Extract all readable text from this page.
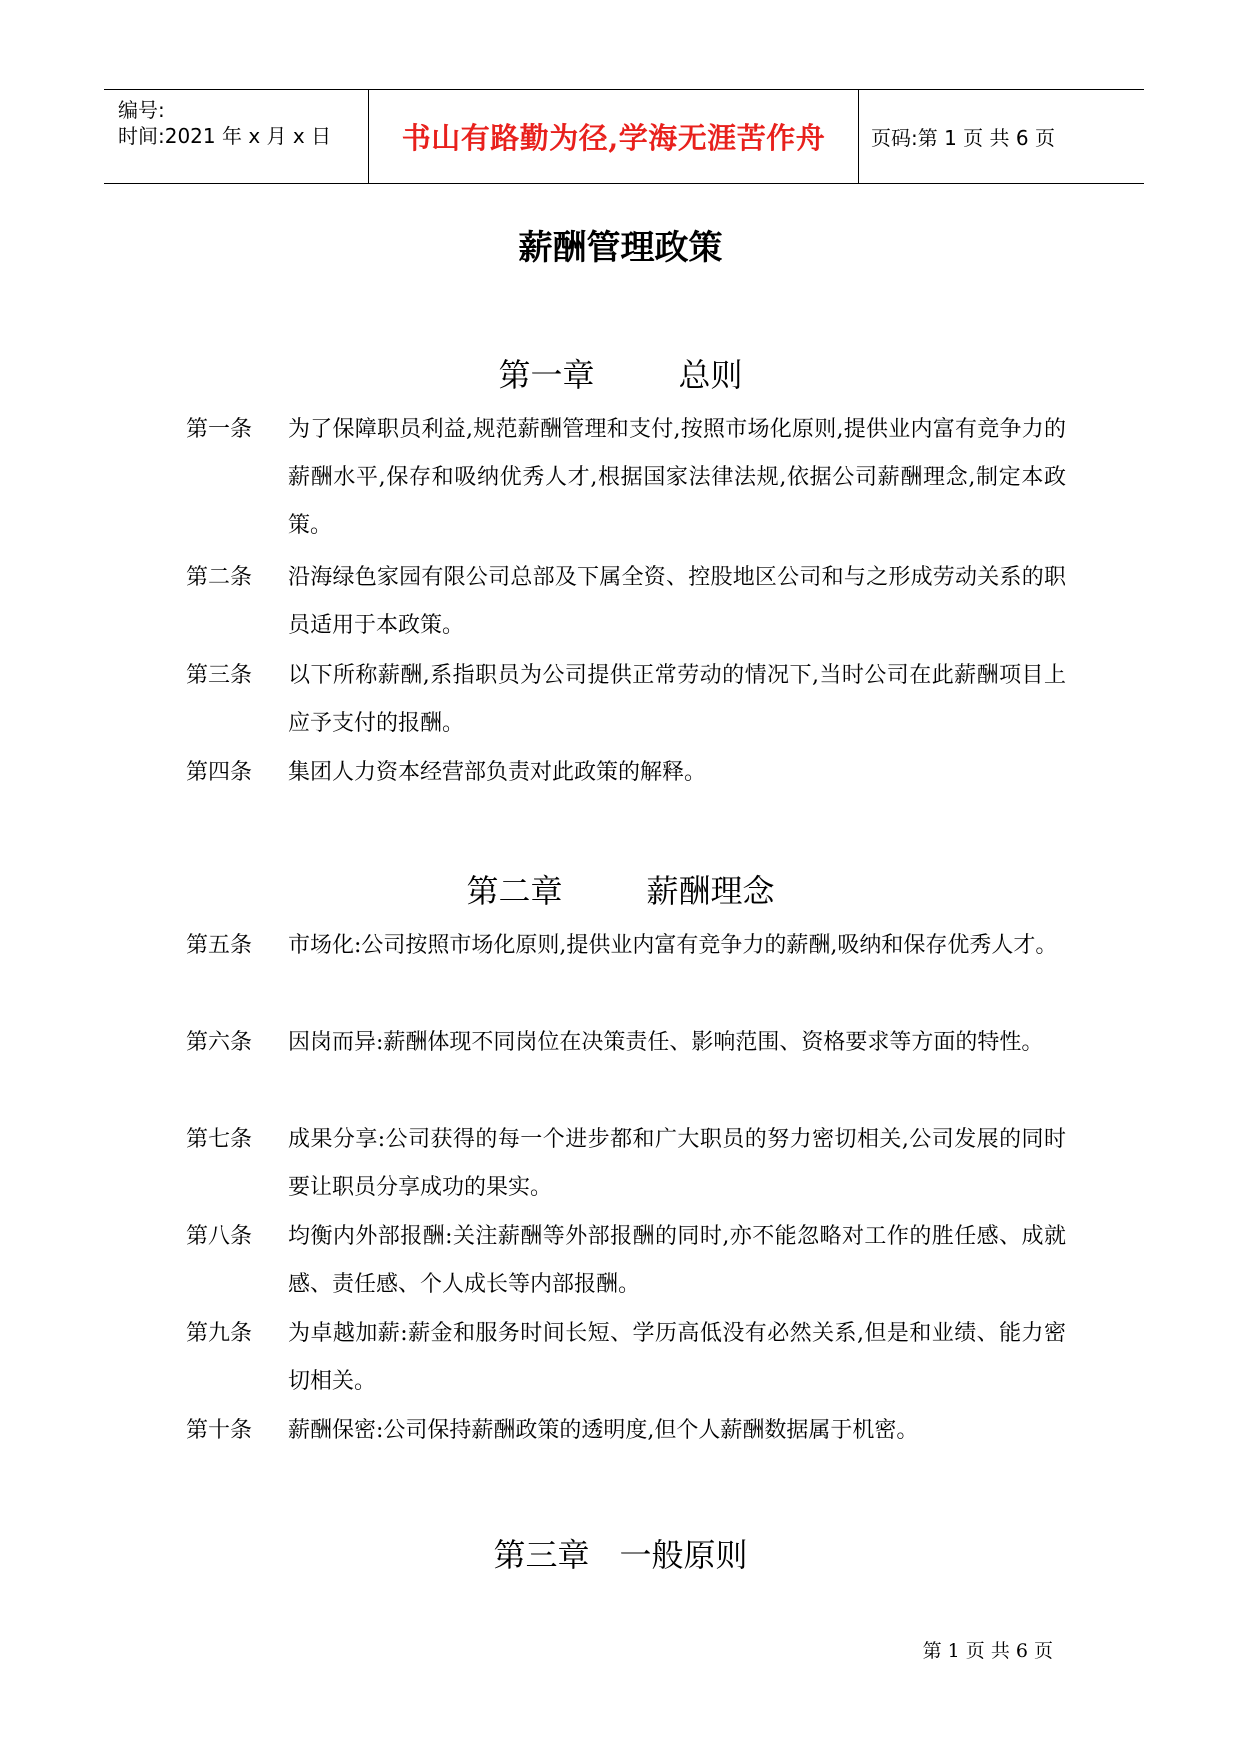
编号:
时间:2021 年 x 月 x 日 书山有路勤为径,学海无涯苦作舟	页码:第 1 页 共 6 页
薪酬管理政策
第一章	总则
第一条 为了保障职员利益,规范薪酬管理和支付,按照市场化原则,提供业内富有竞争力的薪酬水平,保存和吸纳优秀人才,根据国家法律法规,依据公司薪酬理念,制定本政策。
第二条 沿海绿色家园有限公司总部及下属全资、控股地区公司和与之形成劳动关系的职员适用于本政策。
第三条 以下所称薪酬,系指职员为公司提供正常劳动的情况下,当时公司在此薪酬项目上应予支付的报酬。
第四条 集团人力资本经营部负责对此政策的解释。
第二章	薪酬理念
第五条 市场化:公司按照市场化原则,提供业内富有竞争力的薪酬,吸纳和保存优秀人才。
第六条 因岗而异:薪酬体现不同岗位在决策责任、影响范围、资格要求等方面的特性。
第七条 成果分享:公司获得的每一个进步都和广大职员的努力密切相关,公司发展的同时要让职员分享成功的果实。
第八条 均衡内外部报酬:关注薪酬等外部报酬的同时,亦不能忽略对工作的胜任感、成就感、责任感、个人成长等内部报酬。
第九条 为卓越加薪:薪金和服务时间长短、学历高低没有必然关系,但是和业绩、能力密切相关。
第十条 薪酬保密:公司保持薪酬政策的透明度,但个人薪酬数据属于机密。
第三章 一般原则
第 1 页 共 6 页
